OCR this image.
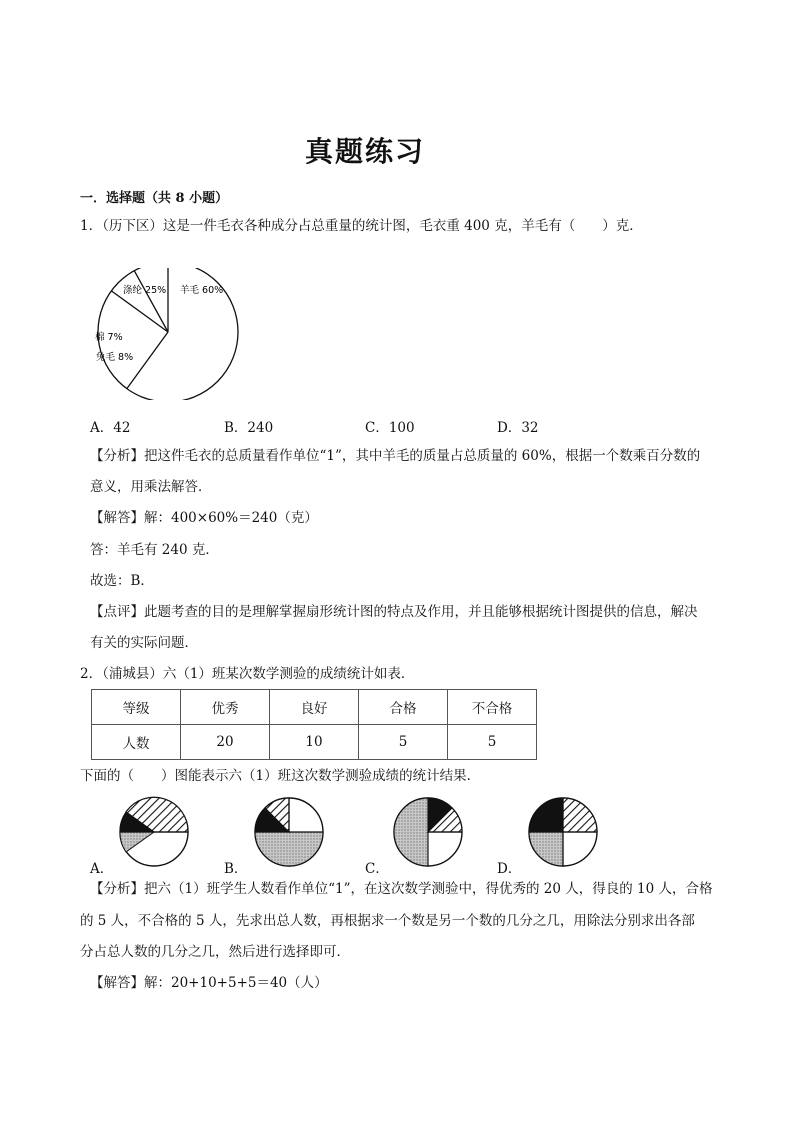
真题练习
一．选择题（共 8 小题）
1．（历下区）这是一件毛衣各种成分占总重量的统计图，毛衣重 400 克，羊毛有（　　）克．
羊毛 60%
涤纶 25%
棉 7%
兔毛 8%
A．42	B．240	C．100	D．32
【分析】把这件毛衣的总质量看作单位“1”，其中羊毛的质量占总质量的 60%，根据一个数乘百分数的
意义，用乘法解答．
【解答】解：400×60%＝240（克）
答：羊毛有 240 克．
故选：B．
【点评】此题考查的目的是理解掌握扇形统计图的特点及作用，并且能够根据统计图提供的信息，解决
有关的实际问题．
2．（浦城县）六（1）班某次数学测验的成绩统计如表．
等级	优秀	良好	合格	不合格
人数	20	10	5	5
下面的（　　）图能表示六（1）班这次数学测验成绩的统计结果．
A．	B．	C．	D．
【分析】把六（1）班学生人数看作单位“1”，在这次数学测验中，得优秀的 20 人，得良的 10 人，合格
的 5 人，不合格的 5 人，先求出总人数，再根据求一个数是另一个数的几分之几，用除法分别求出各部
分占总人数的几分之几，然后进行选择即可．
【解答】解：20+10+5+5＝40（人）
